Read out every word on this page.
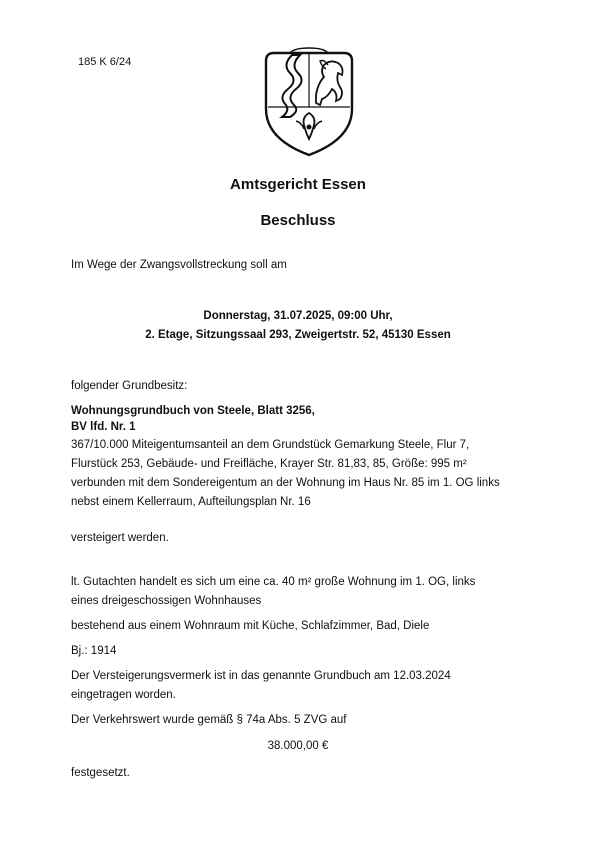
185 K 6/24
Amtsgericht Essen
Beschluss
Im Wege der Zwangsvollstreckung soll am
Donnerstag, 31.07.2025, 09:00 Uhr,
2. Etage, Sitzungssaal 293, Zweigertstr. 52, 45130 Essen
folgender Grundbesitz:
Wohnungsgrundbuch von Steele, Blatt 3256,
BV lfd. Nr. 1
367/10.000 Miteigentumsanteil an dem Grundstück Gemarkung Steele, Flur 7,
Flurstück 253, Gebäude- und Freifläche, Krayer Str. 81,83, 85, Größe: 995 m²
verbunden mit dem Sondereigentum an der Wohnung im Haus Nr. 85 im 1. OG links
nebst einem Kellerraum, Aufteilungsplan Nr. 16
versteigert werden.
lt. Gutachten handelt es sich um eine ca. 40 m² große Wohnung im 1. OG, links
eines dreigeschossigen Wohnhauses
bestehend aus einem Wohnraum mit Küche, Schlafzimmer, Bad, Diele
Bj.: 1914
Der Versteigerungsvermerk ist in das genannte Grundbuch am 12.03.2024
eingetragen worden.
Der Verkehrswert wurde gemäß § 74a Abs. 5 ZVG auf
38.000,00 €
festgesetzt.
